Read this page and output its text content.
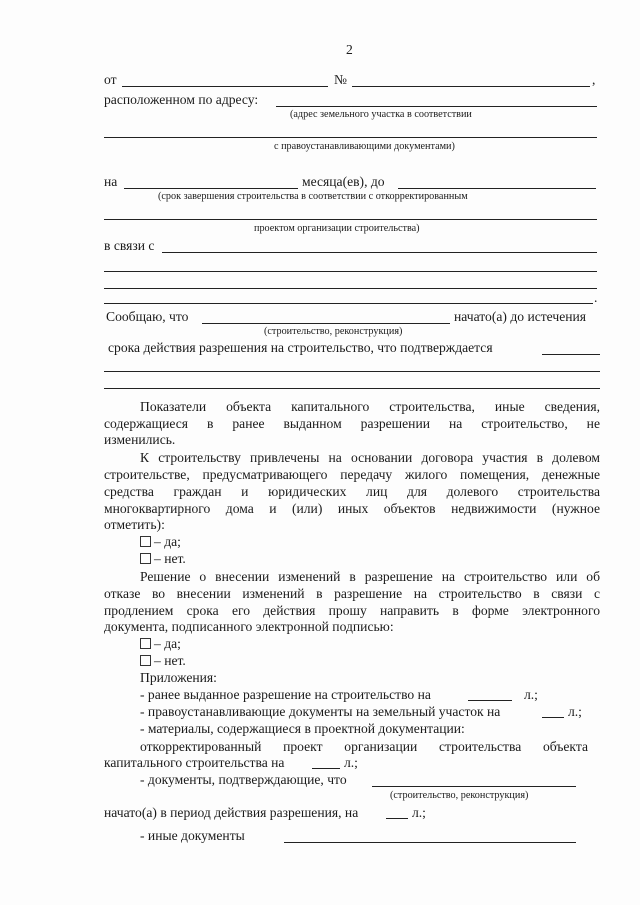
2
от	№	,
расположенном по адресу:
(адрес земельного участка в соответствии
с правоустанавливающими документами)
на	месяца(ев), до
(срок завершения строительства в соответствии с откорректированным
проектом организации строительства)
в связи с
.
Сообщаю, что	начато(а) до истечения
(строительство, реконструкция)
срока действия разрешения на строительство, что подтверждается
Показатели объекта капитального строительства, иные сведения,
содержащиеся в ранее выданном разрешении на строительство, не
изменились.
К строительству привлечены на основании договора участия в долевом
строительстве, предусматривающего передачу жилого помещения, денежные
средства граждан и юридических лиц для долевого строительства
многоквартирного дома и (или) иных объектов недвижимости (нужное
отметить):
– да;
– нет.
Решение о внесении изменений в разрешение на строительство или об
отказе во внесении изменений в разрешение на строительство в связи с
продлением срока его действия прошу направить в форме электронного
документа, подписанного электронной подписью:
– да;
– нет.
Приложения:
- ранее выданное разрешение на строительство на	л.;
- правоустанавливающие документы на земельный участок на	л.;
- материалы, содержащиеся в проектной документации:
откорректированный проект организации строительства объекта
капитального строительства на	л.;
- документы, подтверждающие, что
(строительство, реконструкция)
начато(а) в период действия разрешения, на	л.;
- иные документы
